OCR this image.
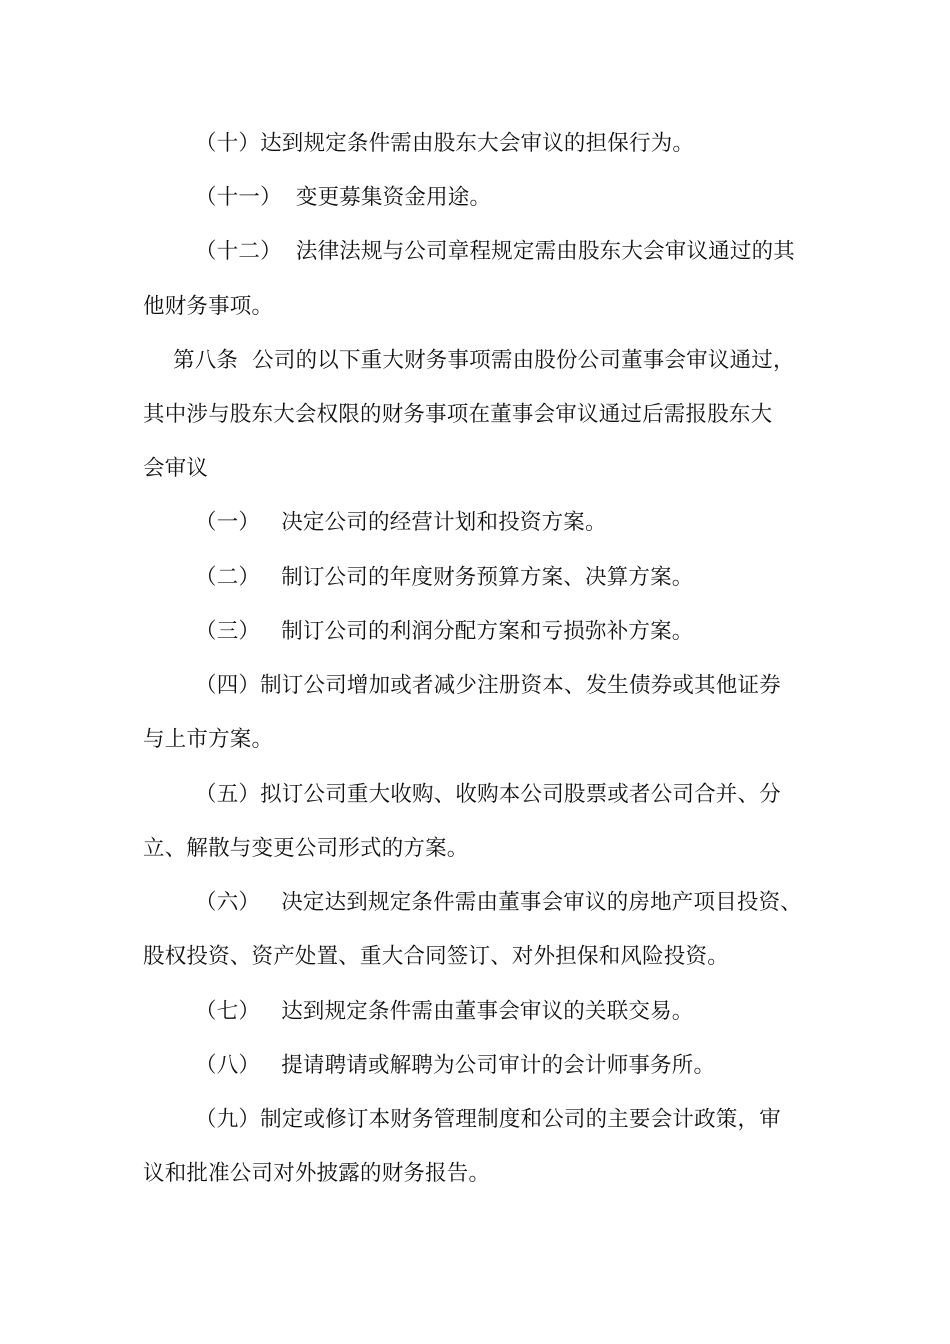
（十）达到规定条件需由股东大会审议的担保行为。
（十一）  变更募集资金用途。
（十二）  法律法规与公司章程规定需由股东大会审议通过的其
他财务事项。
第八条  公司的以下重大财务事项需由股份公司董事会审议通过，
其中涉与股东大会权限的财务事项在董事会审议通过后需报股东大
会审议
（一）   决定公司的经营计划和投资方案。
（二）   制订公司的年度财务预算方案、决算方案。
（三）   制订公司的利润分配方案和亏损弥补方案。
（四）制订公司增加或者减少注册资本、发生债券或其他证券
与上市方案。
（五）拟订公司重大收购、收购本公司股票或者公司合并、分
立、解散与变更公司形式的方案。
（六）   决定达到规定条件需由董事会审议的房地产项目投资、
股权投资、资产处置、重大合同签订、对外担保和风险投资。
（七）   达到规定条件需由董事会审议的关联交易。
（八）   提请聘请或解聘为公司审计的会计师事务所。
（九）制定或修订本财务管理制度和公司的主要会计政策，审
议和批准公司对外披露的财务报告。
